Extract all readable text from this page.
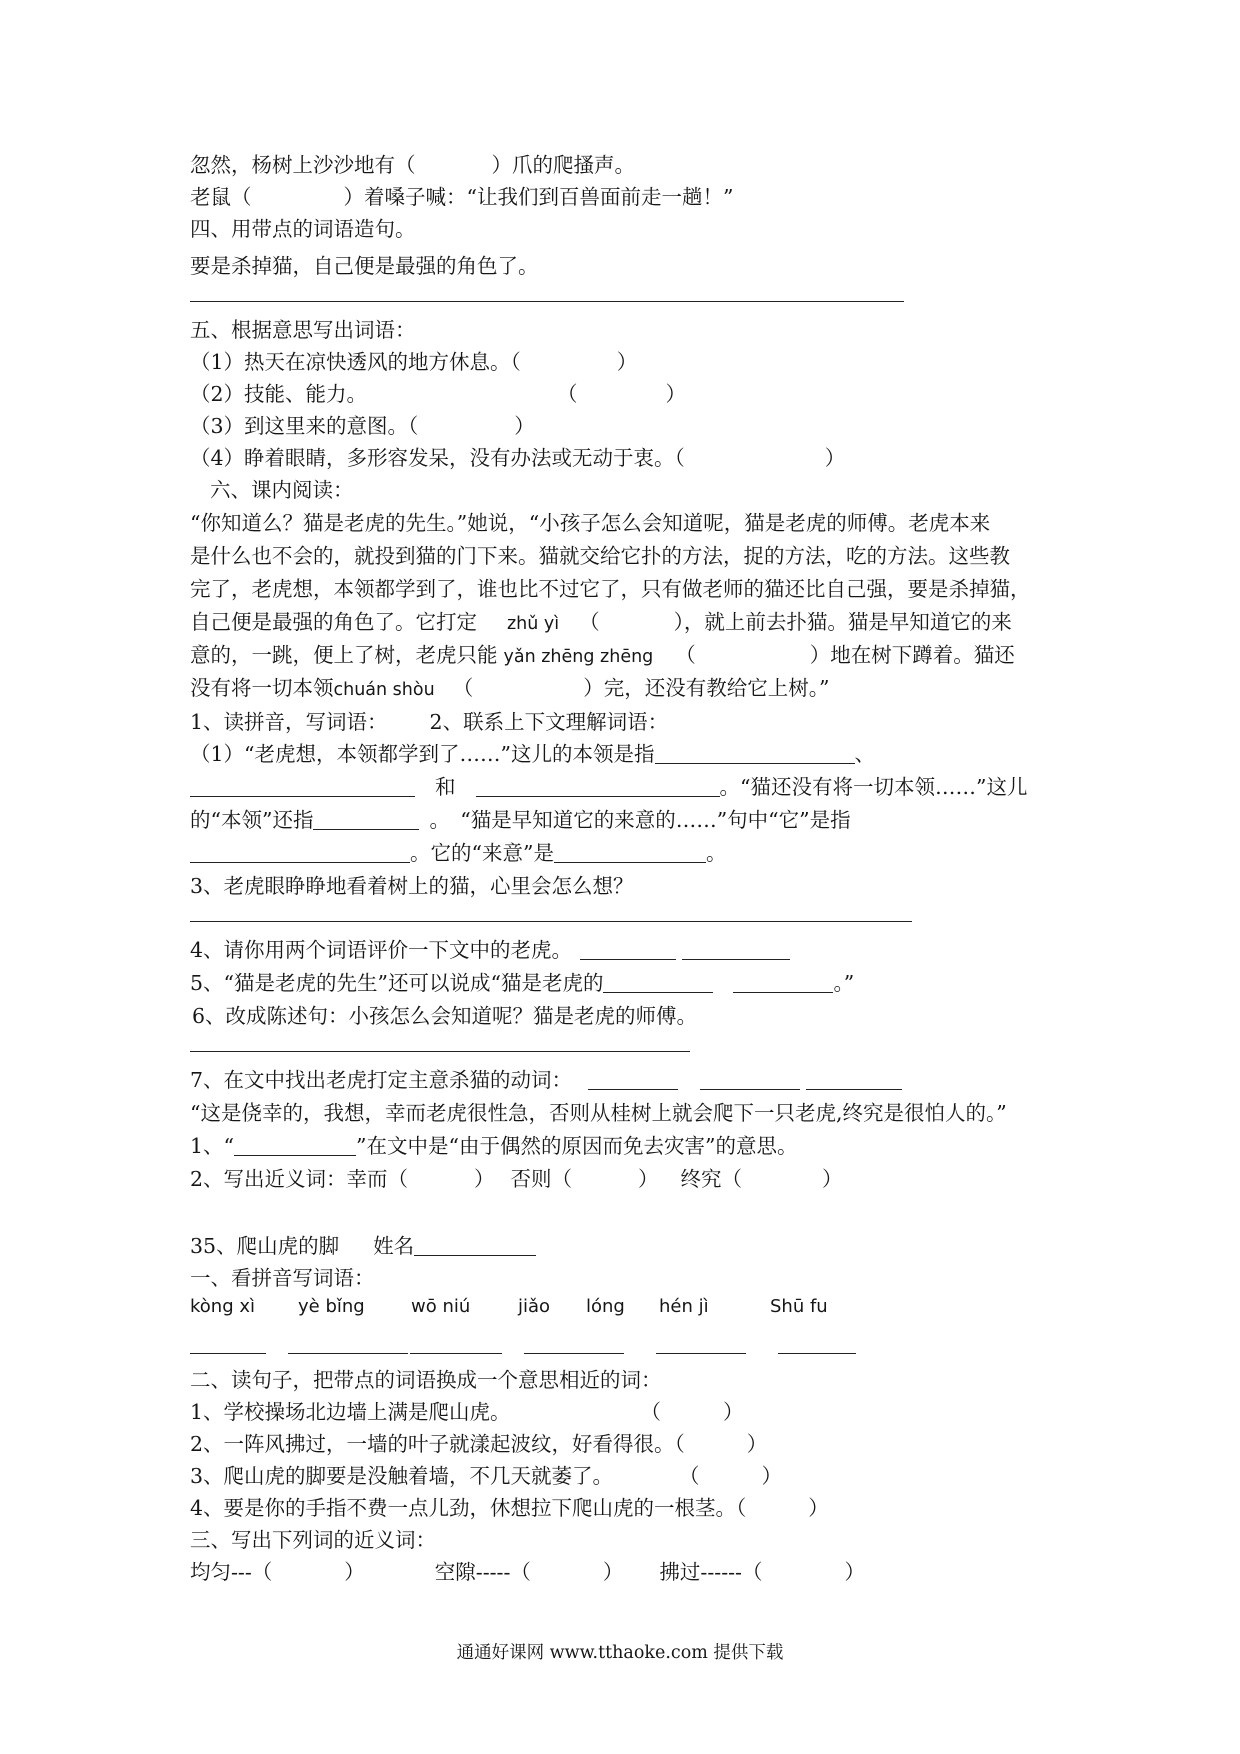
忽然，杨树上沙沙地有（	）爪的爬搔声。
老鼠（	）着嗓子喊：“让我们到百兽面前走一趟！”
四、用带点的词语造句。
要是杀掉猫，自己便是最强的角色了。
五、根据意思写出词语：
（1）热天在凉快透风的地方休息。（	）
（2）技能、能力。	（	）
（3）到这里来的意图。（	）
（4）睁着眼睛，多形容发呆，没有办法或无动于衷。（	）
六、课内阅读：
“你知道么？猫是老虎的先生。”她说，“小孩子怎么会知道呢，猫是老虎的师傅。老虎本来
是什么也不会的，就投到猫的门下来。猫就交给它扑的方法，捉的方法，吃的方法。这些教
完了，老虎想，本领都学到了，谁也比不过它了，只有做老师的猫还比自己强，要是杀掉猫，
自己便是最强的角色了。它打定 zhǔ yì （	），就上前去扑猫。猫是早知道它的来
意的，一跳，便上了树，老虎只能 yǎn zhēng zhēng （	）地在树下蹲着。猫还
没有将一切本领chuán shòu （	）完，还没有教给它上树。”
1、读拼音，写词语： 2、联系上下文理解词语：
（1）“老虎想，本领都学到了……”这儿的本领是指	、
和	。“猫还没有将一切本领……”这儿
的“本领”还指	。　“猫是早知道它的来意的……”句中“它”是指
。它的“来意”是	。
3、老虎眼睁睁地看着树上的猫，心里会怎么想？
4、请你用两个词语评价一下文中的老虎。
5、“猫是老虎的先生”还可以说成“猫是老虎的	。”
6、改成陈述句：小孩怎么会知道呢？猫是老虎的师傅。
7、在文中找出老虎打定主意杀猫的动词：
“这是侥幸的，我想，幸而老虎很性急，否则从桂树上就会爬下一只老虎,终究是很怕人的。”
1、“	”在文中是“由于偶然的原因而免去灾害”的意思。
2、写出近义词：幸而（	） 否则（	） 终究（	）
35、爬山虎的脚 姓名
一、看拼音写词语：
kòng xì yè bǐng	wō niú	jiǎo lóng hén jì	Shū fu
二、读句子，把带点的词语换成一个意思相近的词：
1、学校操场北边墙上满是爬山虎。	（	）
2、一阵风拂过，一墙的叶子就漾起波纹，好看得很。（	）
3、爬山虎的脚要是没触着墙，不几天就萎了。	（	）
4、要是你的手指不费一点儿劲，休想拉下爬山虎的一根茎。（	）
三、写出下列词的近义词：
均匀---（	）	空隙-----（	） 拂过------（	）
通通好课网 www.tthaoke.com 提供下载
